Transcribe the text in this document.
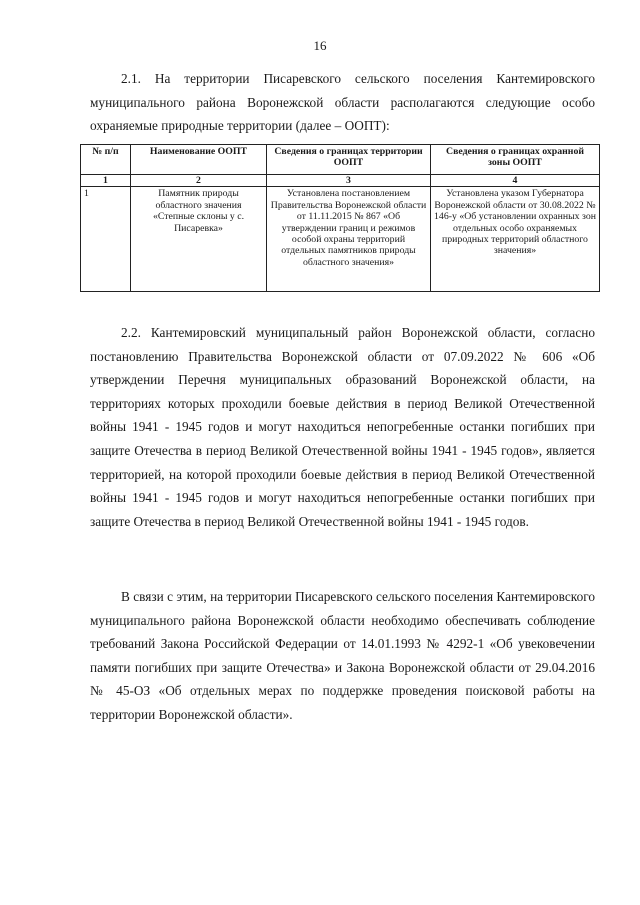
16
2.1. На территории Писаревского сельского поселения Кантемировского муниципального района Воронежской области располагаются следующие особо охраняемые природные территории (далее – ООПТ):
№ п/п	Наименование ООПТ	Сведения о границах территории ООПТ	Сведения о границах охранной зоны ООПТ
1	2	3	4
1	Памятник природы областного значения «Степные склоны у с. Писаревка»	Установлена постановлением Правительства Воронежской области от 11.11.2015 № 867 «Об утверждении границ и режимов особой охраны территорий отдельных памятников природы областного значения»	Установлена указом Губернатора Воронежской области от 30.08.2022 № 146-у «Об установлении охранных зон отдельных особо охраняемых природных территорий областного значения»
2.2. Кантемировский муниципальный район Воронежской области, согласно постановлению Правительства Воронежской области от 07.09.2022 № 606 «Об утверждении Перечня муниципальных образований Воронежской области, на территориях которых проходили боевые действия в период Великой Отечественной войны 1941 - 1945 годов и могут находиться непогребенные останки погибших при защите Отечества в период Великой Отечественной войны 1941 - 1945 годов», является территорией, на которой проходили боевые действия в период Великой Отечественной войны 1941 - 1945 годов и могут находиться непогребенные останки погибших при защите Отечества в период Великой Отечественной войны 1941 - 1945 годов.
В связи с этим, на территории Писаревского сельского поселения Кантемировского муниципального района Воронежской области необходимо обеспечивать соблюдение требований Закона Российской Федерации от 14.01.1993 № 4292-1 «Об увековечении памяти погибших при защите Отечества» и Закона Воронежской области от 29.04.2016 № 45-ОЗ «Об отдельных мерах по поддержке проведения поисковой работы на территории Воронежской области».
